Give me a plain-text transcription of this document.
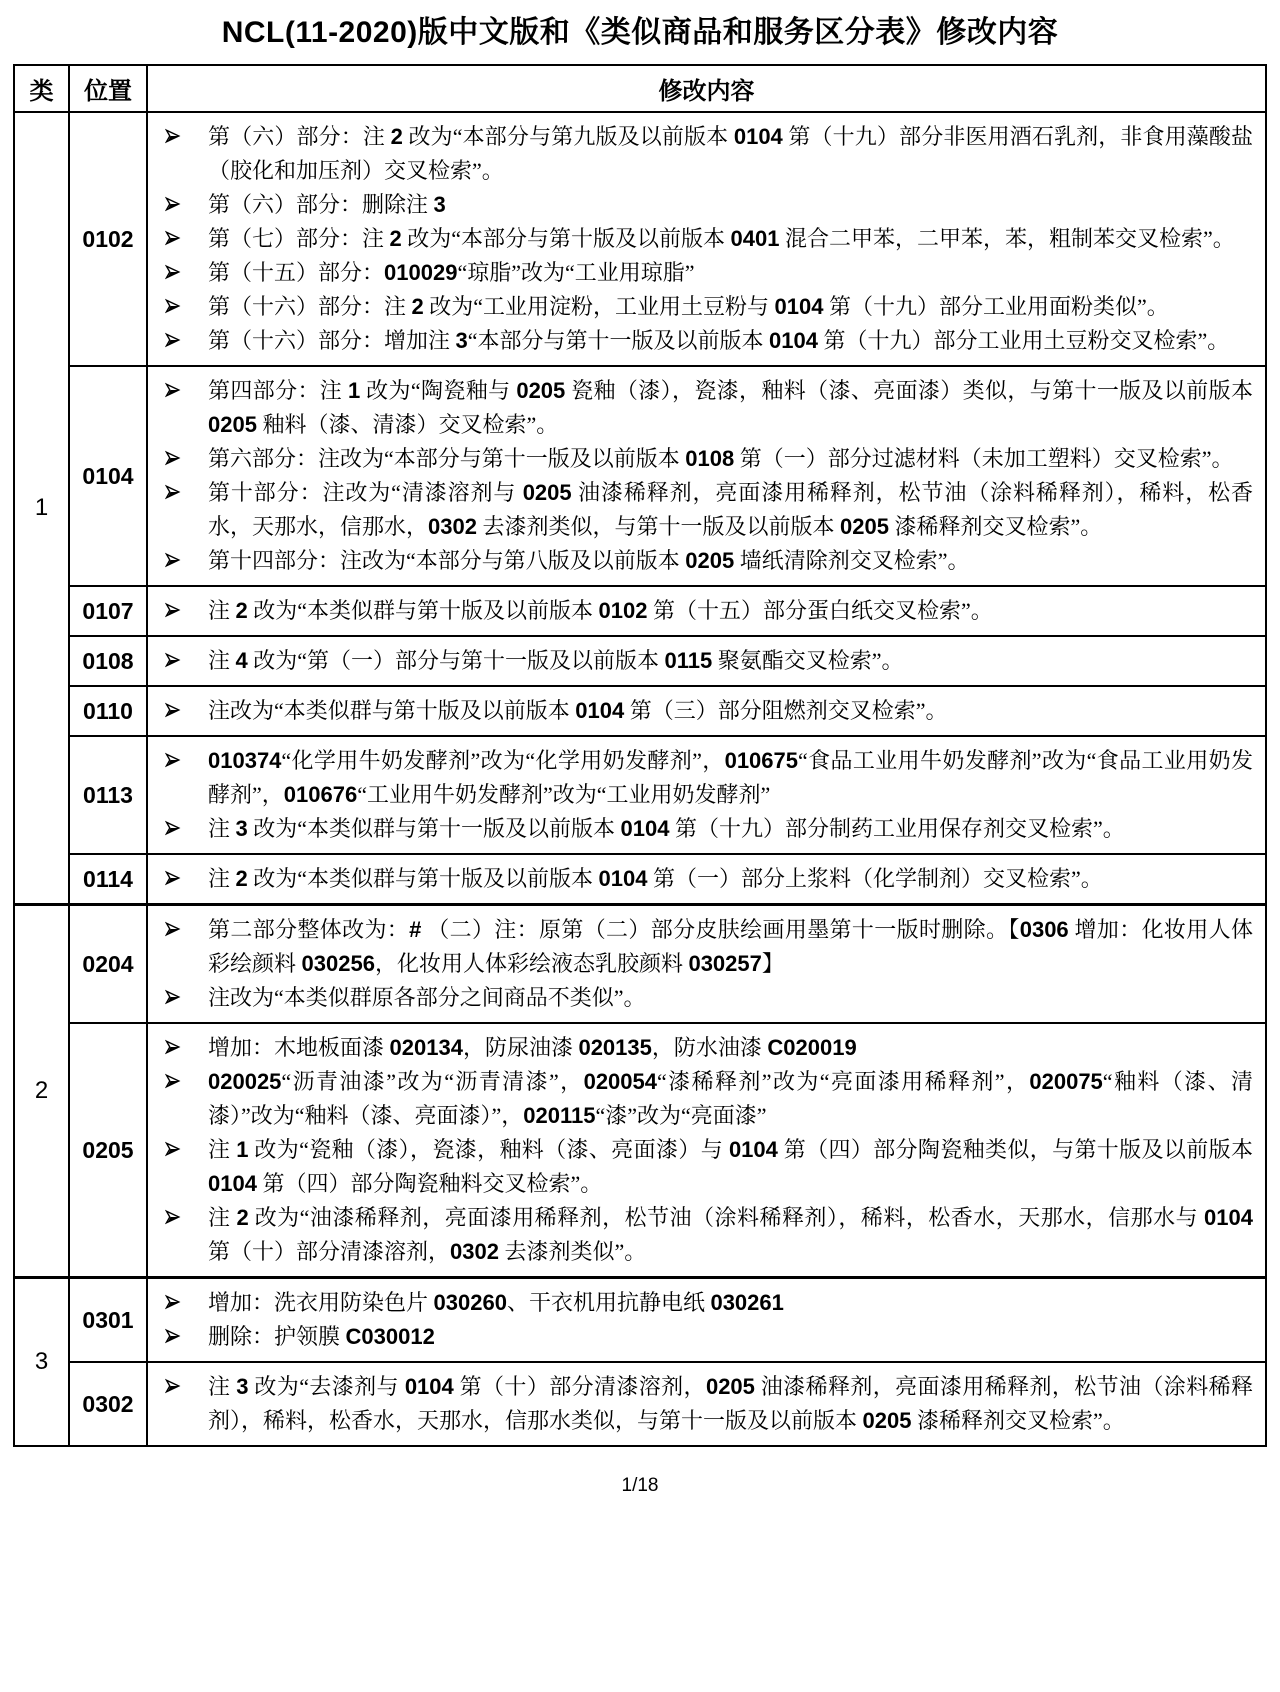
NCL(11-2020)版中文版和《类似商品和服务区分表》修改内容
类	位置	修改内容
1	0102	
第（六）部分：注 2 改为“本部分与第九版及以前版本 0104 第（十九）部分非医用酒石乳剂，非食用藻酸盐（胶化和加压剂）交叉检索”。
第（六）部分：删除注 3
第（七）部分：注 2 改为“本部分与第十版及以前版本 0401 混合二甲苯，二甲苯，苯，粗制苯交叉检索”。
第（十五）部分：010029“琼脂”改为“工业用琼脂”
第（十六）部分：注 2 改为“工业用淀粉，工业用土豆粉与 0104 第（十九）部分工业用面粉类似”。
第（十六）部分：增加注 3“本部分与第十一版及以前版本 0104 第（十九）部分工业用土豆粉交叉检索”。

	0104	第四部分：注 1 改为“陶瓷釉与 0205 瓷釉（漆），瓷漆，釉料（漆、亮面漆）类似，与第十一版及以前版本 0205 釉料（漆、清漆）交叉检索”。
第六部分：注改为“本部分与第十一版及以前版本 0108 第（一）部分过滤材料（未加工塑料）交叉检索”。
第十部分：注改为“清漆溶剂与 0205 油漆稀释剂，亮面漆用稀释剂，松节油（涂料稀释剂），稀料，松香水，天那水，信那水，0302 去漆剂类似，与第十一版及以前版本 0205 漆稀释剂交叉检索”。
第十四部分：注改为“本部分与第八版及以前版本 0205 墙纸清除剂交叉检索”。

	0107	注 2 改为“本类似群与第十版及以前版本 0102 第（十五）部分蛋白纸交叉检索”。

	0108	注 4 改为“第（一）部分与第十一版及以前版本 0115 聚氨酯交叉检索”。

	0110	注改为“本类似群与第十版及以前版本 0104 第（三）部分阻燃剂交叉检索”。

	0113	010374“化学用牛奶发酵剂”改为“化学用奶发酵剂”，010675“食品工业用牛奶发酵剂”改为“食品工业用奶发酵剂”，010676“工业用牛奶发酵剂”改为“工业用奶发酵剂”
注 3 改为“本类似群与第十一版及以前版本 0104 第（十九）部分制药工业用保存剂交叉检索”。

	0114	注 2 改为“本类似群与第十版及以前版本 0104 第（一）部分上浆料（化学制剂）交叉检索”。

2	0204	第二部分整体改为：# （二）注：原第（二）部分皮肤绘画用墨第十一版时删除。【0306 增加：化妆用人体彩绘颜料 030256，化妆用人体彩绘液态乳胶颜料 030257】
注改为“本类似群原各部分之间商品不类似”。

	0205	增加：木地板面漆 020134，防尿油漆 020135，防水油漆 C020019
020025“沥青油漆”改为“沥青清漆”，020054“漆稀释剂”改为“亮面漆用稀释剂”，020075“釉料（漆、清漆）”改为“釉料（漆、亮面漆）”，020115“漆”改为“亮面漆”
注 1 改为“瓷釉（漆），瓷漆，釉料（漆、亮面漆）与 0104 第（四）部分陶瓷釉类似，与第十版及以前版本 0104 第（四）部分陶瓷釉料交叉检索”。
注 2 改为“油漆稀释剂，亮面漆用稀释剂，松节油（涂料稀释剂），稀料，松香水，天那水，信那水与 0104 第（十）部分清漆溶剂，0302 去漆剂类似”。

3	0301	增加：洗衣用防染色片 030260、干衣机用抗静电纸 030261
删除：护领膜 C030012

	0302	注 3 改为“去漆剂与 0104 第（十）部分清漆溶剂，0205 油漆稀释剂，亮面漆用稀释剂，松节油（涂料稀释剂），稀料，松香水，天那水，信那水类似，与第十一版及以前版本 0205 漆稀释剂交叉检索”。
1/18
